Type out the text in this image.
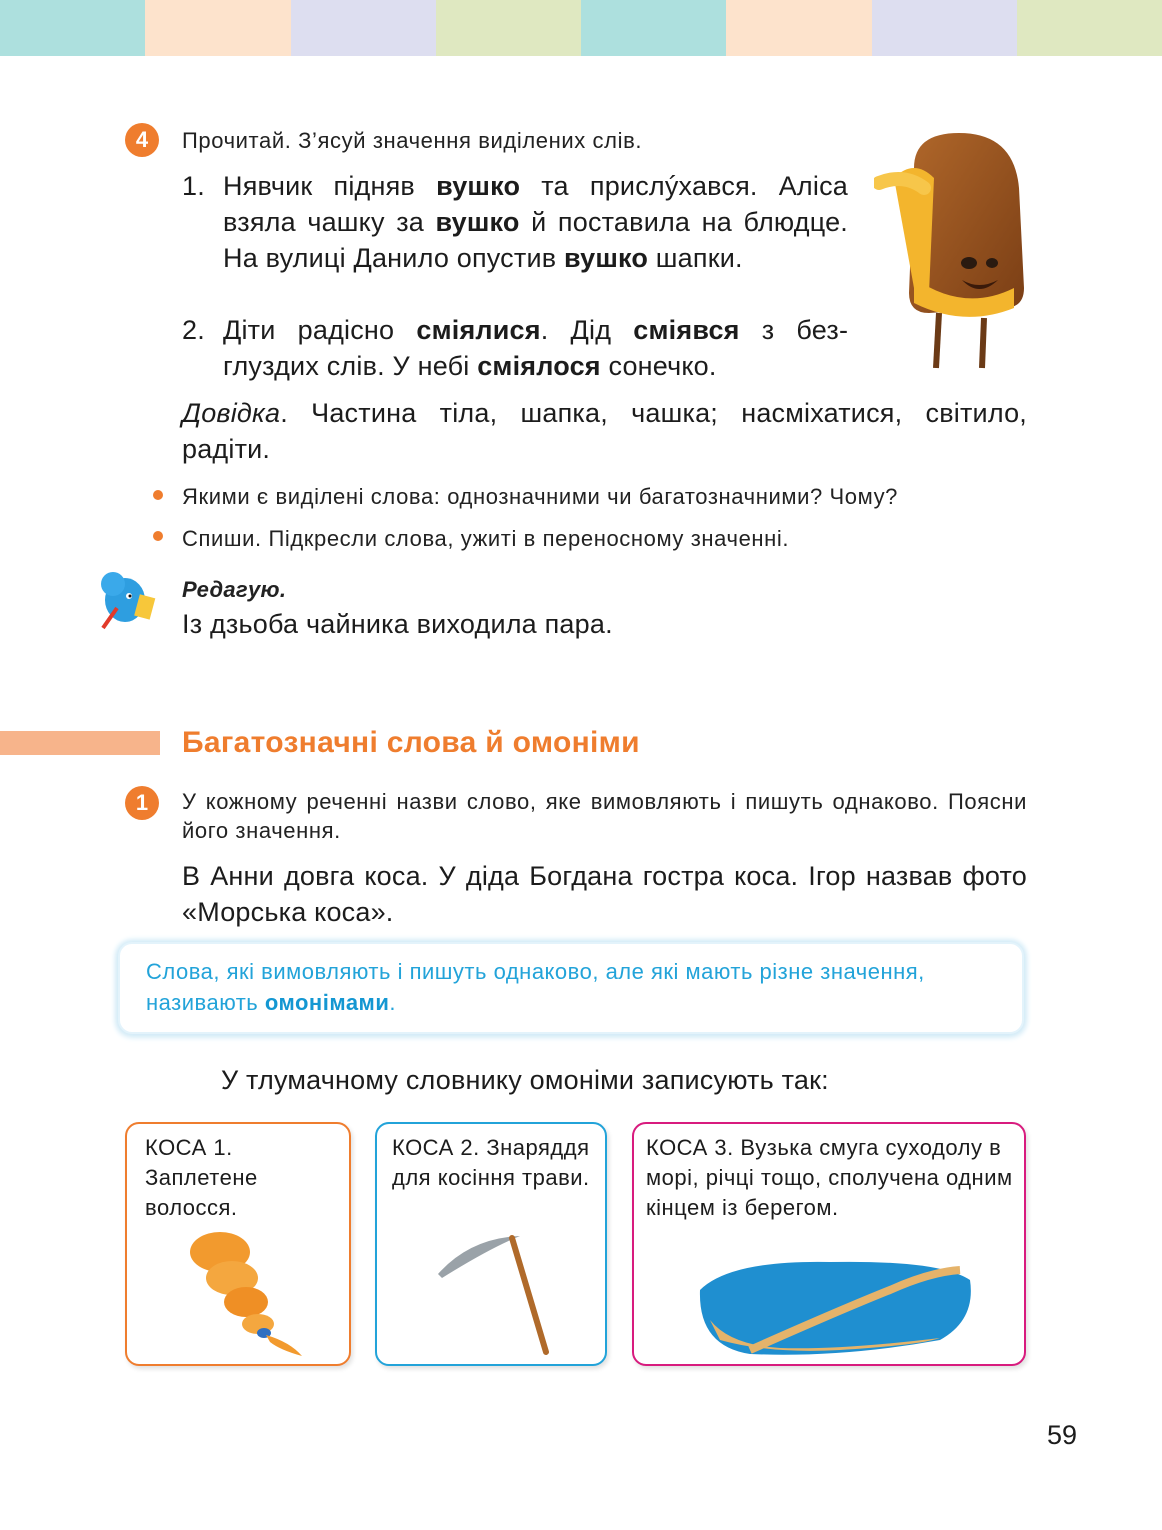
4	Прочитай. З’ясуй значення виділених слів.
1. Нявчик підняв вушко та прислýхався. Аліса взяла чашку за вушко й поставила на блюдце. На вулиці Данило опустив вушко шапки.
2. Діти радісно сміялися. Дід сміявся з безглуздих слів. У небі сміялося сонечко.
Довідка. Частина тіла, шапка, чашка; насміхатися, світило, радіти.
Якими є виділені слова: однозначними чи багатозначними? Чому?
Спиши. Підкресли слова, ужиті в переносному значенні.
Редагую.
Із дзьоба чайника виходила пара.
Багатозначні слова й омоніми
1	У кожному реченні назви слово, яке вимовляють і пишуть однаково. Поясни його значення.
В Анни довга коса. У діда Богдана гостра коса. Ігор назвав фото «Морська коса».
Слова, які вимовляють і пишуть однаково, але які мають різне значення, називають омонімами.
У тлумачному словнику омоніми записують так:
КОСА 1. Заплетене волосся.
КОСА 2. Знаряддя для косіння трави.
КОСА 3. Вузька смуга суходолу в морі, річці тощо, сполучена одним кінцем із берегом.
59
